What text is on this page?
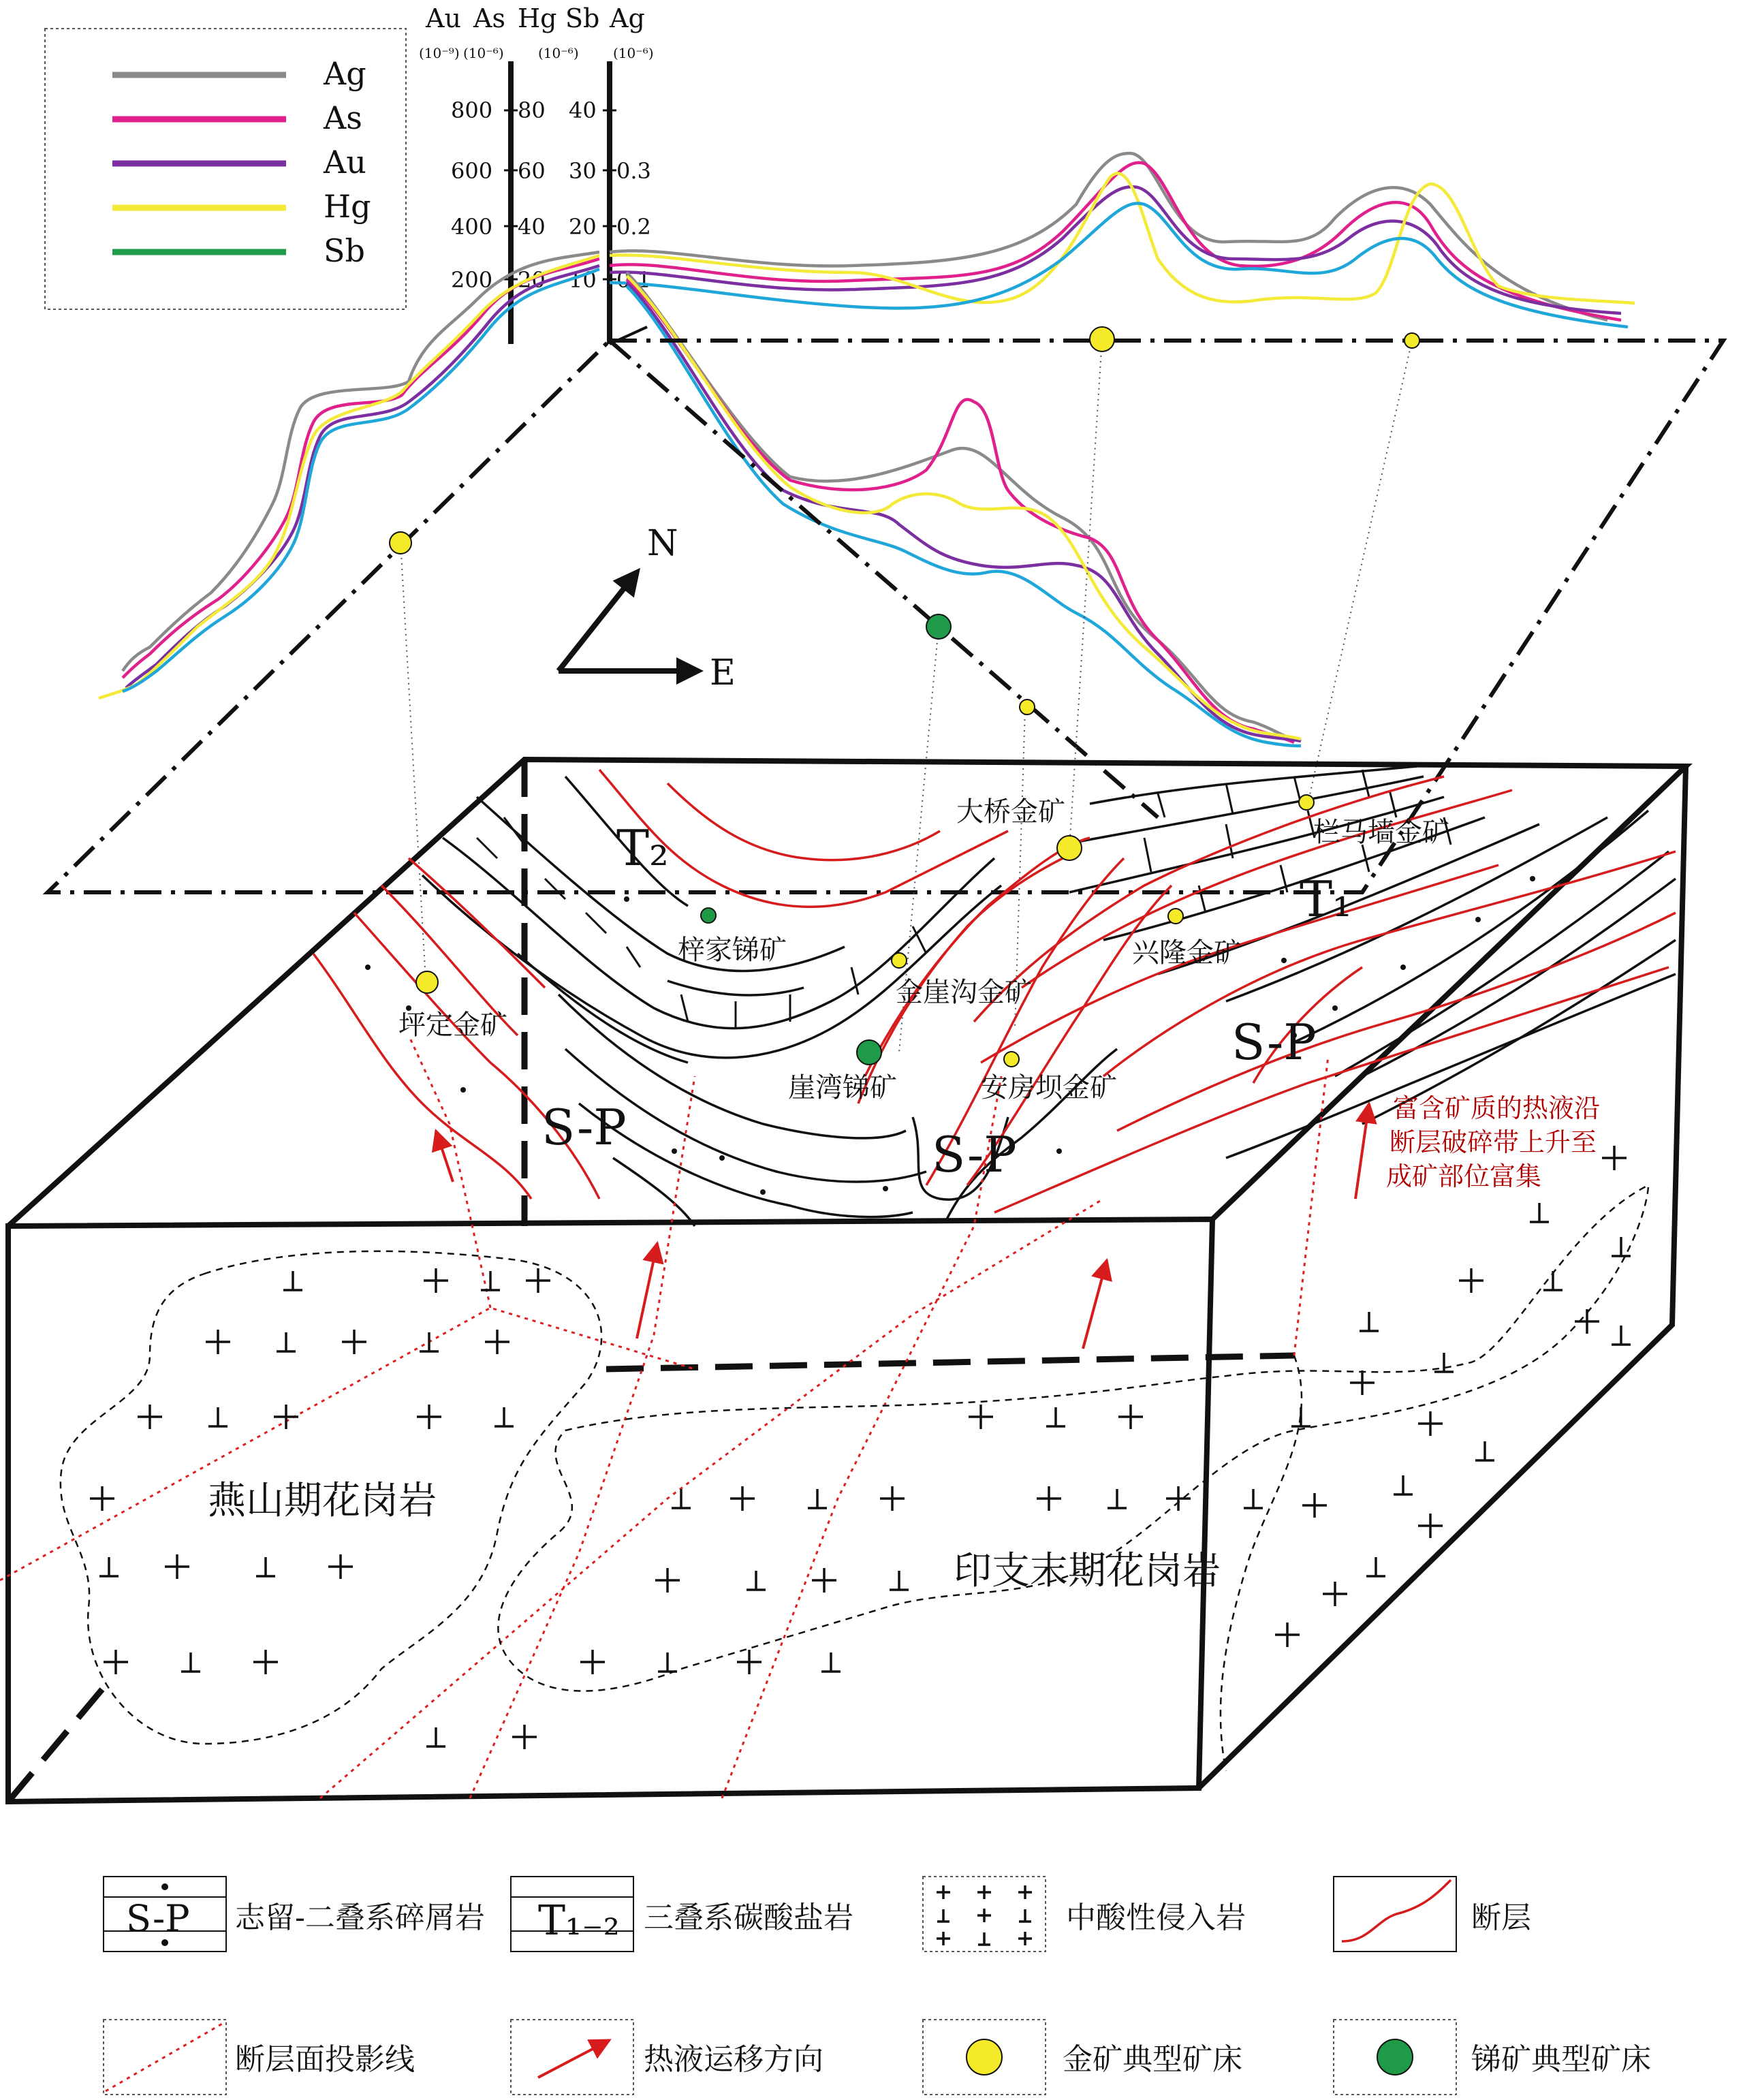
Ag
As
Au
Hg
Sb
Au As Hg Sb Ag
(10⁻⁹) (10⁻⁶)	(10⁻⁶)	(10⁻⁶)
800
600
400
200
80
60
40
20
40
30
20
10
0.3
0.2
0.1
N
E
T₂
T₁
S-P	S-P
S-P
大桥金矿
栏马墙金矿
兴隆金矿
金崖沟金矿
坪定金矿
安房坝金矿
梓家锑矿
崖湾锑矿
燕山期花岗岩
印支末期花岗岩
富含矿质的热液沿
断层破碎带上升至
成矿部位富集
S-P 志留-二叠系碎屑岩 T₁₋₂ 三叠系碳酸盐岩	中酸性侵入岩	断层
断层面投影线	热液运移方向	金矿典型矿床	锑矿典型矿床
